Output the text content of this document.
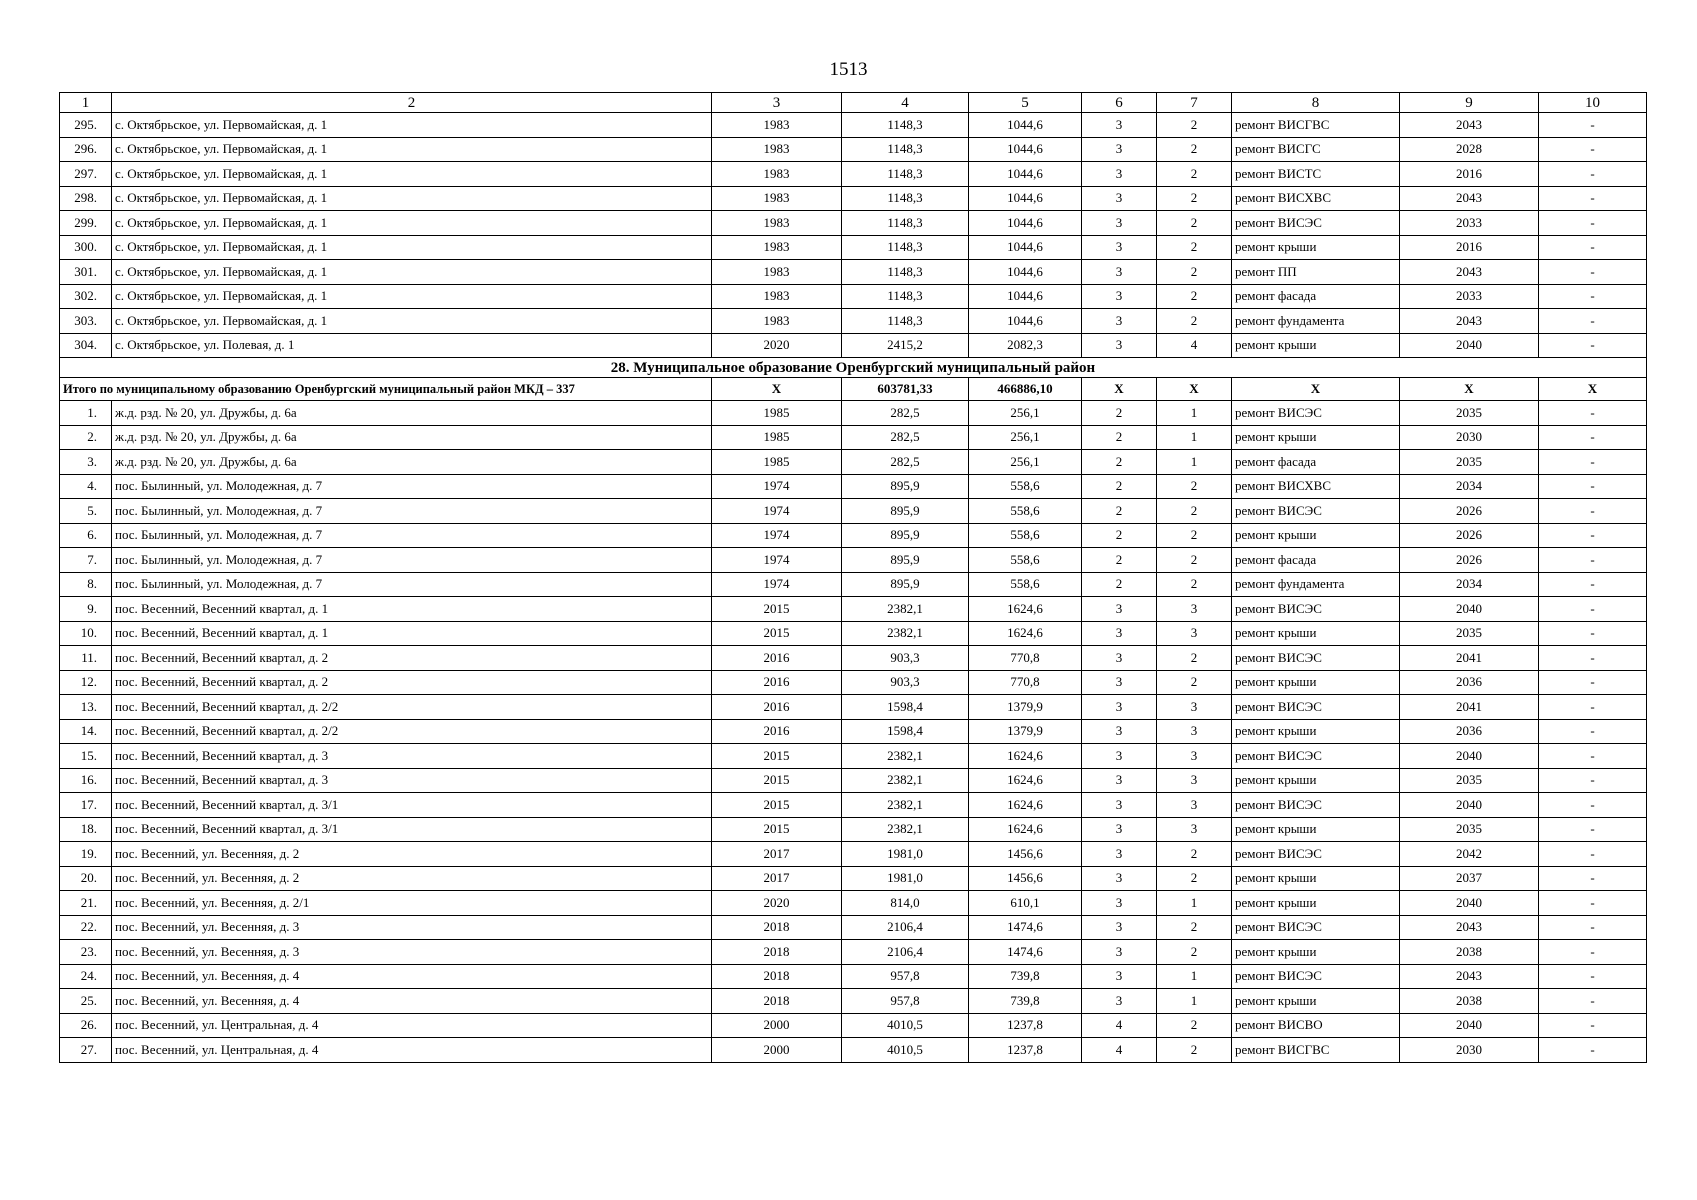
1513
1	2	3	4	5	6	7	8	9	10
295.	с. Октябрьское, ул. Первомайская, д. 1	1983	1148,3	1044,6	3	2	ремонт ВИСГВС	2043	-
296.	с. Октябрьское, ул. Первомайская, д. 1	1983	1148,3	1044,6	3	2	ремонт ВИСГС	2028	-
297.	с. Октябрьское, ул. Первомайская, д. 1	1983	1148,3	1044,6	3	2	ремонт ВИСТС	2016	-
298.	с. Октябрьское, ул. Первомайская, д. 1	1983	1148,3	1044,6	3	2	ремонт ВИСХВС	2043	-
299.	с. Октябрьское, ул. Первомайская, д. 1	1983	1148,3	1044,6	3	2	ремонт ВИСЭС	2033	-
300.	с. Октябрьское, ул. Первомайская, д. 1	1983	1148,3	1044,6	3	2	ремонт крыши	2016	-
301.	с. Октябрьское, ул. Первомайская, д. 1	1983	1148,3	1044,6	3	2	ремонт ПП	2043	-
302.	с. Октябрьское, ул. Первомайская, д. 1	1983	1148,3	1044,6	3	2	ремонт фасада	2033	-
303.	с. Октябрьское, ул. Первомайская, д. 1	1983	1148,3	1044,6	3	2	ремонт фундамента	2043	-
304.	с. Октябрьское, ул. Полевая, д. 1	2020	2415,2	2082,3	3	4	ремонт крыши	2040	-
28. Муниципальное образование Оренбургский муниципальный район									
Итого по муниципальному образованию Оренбургский муниципальный район МКД – 337		X	603781,33	466886,10	X	X	X	X	X
1.	ж.д. рзд. № 20, ул. Дружбы, д. 6а	1985	282,5	256,1	2	1	ремонт ВИСЭС	2035	-
2.	ж.д. рзд. № 20, ул. Дружбы, д. 6а	1985	282,5	256,1	2	1	ремонт крыши	2030	-
3.	ж.д. рзд. № 20, ул. Дружбы, д. 6а	1985	282,5	256,1	2	1	ремонт фасада	2035	-
4.	пос. Былинный, ул. Молодежная, д. 7	1974	895,9	558,6	2	2	ремонт ВИСХВС	2034	-
5.	пос. Былинный, ул. Молодежная, д. 7	1974	895,9	558,6	2	2	ремонт ВИСЭС	2026	-
6.	пос. Былинный, ул. Молодежная, д. 7	1974	895,9	558,6	2	2	ремонт крыши	2026	-
7.	пос. Былинный, ул. Молодежная, д. 7	1974	895,9	558,6	2	2	ремонт фасада	2026	-
8.	пос. Былинный, ул. Молодежная, д. 7	1974	895,9	558,6	2	2	ремонт фундамента	2034	-
9.	пос. Весенний, Весенний квартал, д. 1	2015	2382,1	1624,6	3	3	ремонт ВИСЭС	2040	-
10.	пос. Весенний, Весенний квартал, д. 1	2015	2382,1	1624,6	3	3	ремонт крыши	2035	-
11.	пос. Весенний, Весенний квартал, д. 2	2016	903,3	770,8	3	2	ремонт ВИСЭС	2041	-
12.	пос. Весенний, Весенний квартал, д. 2	2016	903,3	770,8	3	2	ремонт крыши	2036	-
13.	пос. Весенний, Весенний квартал, д. 2/2	2016	1598,4	1379,9	3	3	ремонт ВИСЭС	2041	-
14.	пос. Весенний, Весенний квартал, д. 2/2	2016	1598,4	1379,9	3	3	ремонт крыши	2036	-
15.	пос. Весенний, Весенний квартал, д. 3	2015	2382,1	1624,6	3	3	ремонт ВИСЭС	2040	-
16.	пос. Весенний, Весенний квартал, д. 3	2015	2382,1	1624,6	3	3	ремонт крыши	2035	-
17.	пос. Весенний, Весенний квартал, д. 3/1	2015	2382,1	1624,6	3	3	ремонт ВИСЭС	2040	-
18.	пос. Весенний, Весенний квартал, д. 3/1	2015	2382,1	1624,6	3	3	ремонт крыши	2035	-
19.	пос. Весенний, ул. Весенняя, д. 2	2017	1981,0	1456,6	3	2	ремонт ВИСЭС	2042	-
20.	пос. Весенний, ул. Весенняя, д. 2	2017	1981,0	1456,6	3	2	ремонт крыши	2037	-
21.	пос. Весенний, ул. Весенняя, д. 2/1	2020	814,0	610,1	3	1	ремонт крыши	2040	-
22.	пос. Весенний, ул. Весенняя, д. 3	2018	2106,4	1474,6	3	2	ремонт ВИСЭС	2043	-
23.	пос. Весенний, ул. Весенняя, д. 3	2018	2106,4	1474,6	3	2	ремонт крыши	2038	-
24.	пос. Весенний, ул. Весенняя, д. 4	2018	957,8	739,8	3	1	ремонт ВИСЭС	2043	-
25.	пос. Весенний, ул. Весенняя, д. 4	2018	957,8	739,8	3	1	ремонт крыши	2038	-
26.	пос. Весенний, ул. Центральная, д. 4	2000	4010,5	1237,8	4	2	ремонт ВИСВО	2040	-
27.	пос. Весенний, ул. Центральная, д. 4	2000	4010,5	1237,8	4	2	ремонт ВИСГВС	2030	-
